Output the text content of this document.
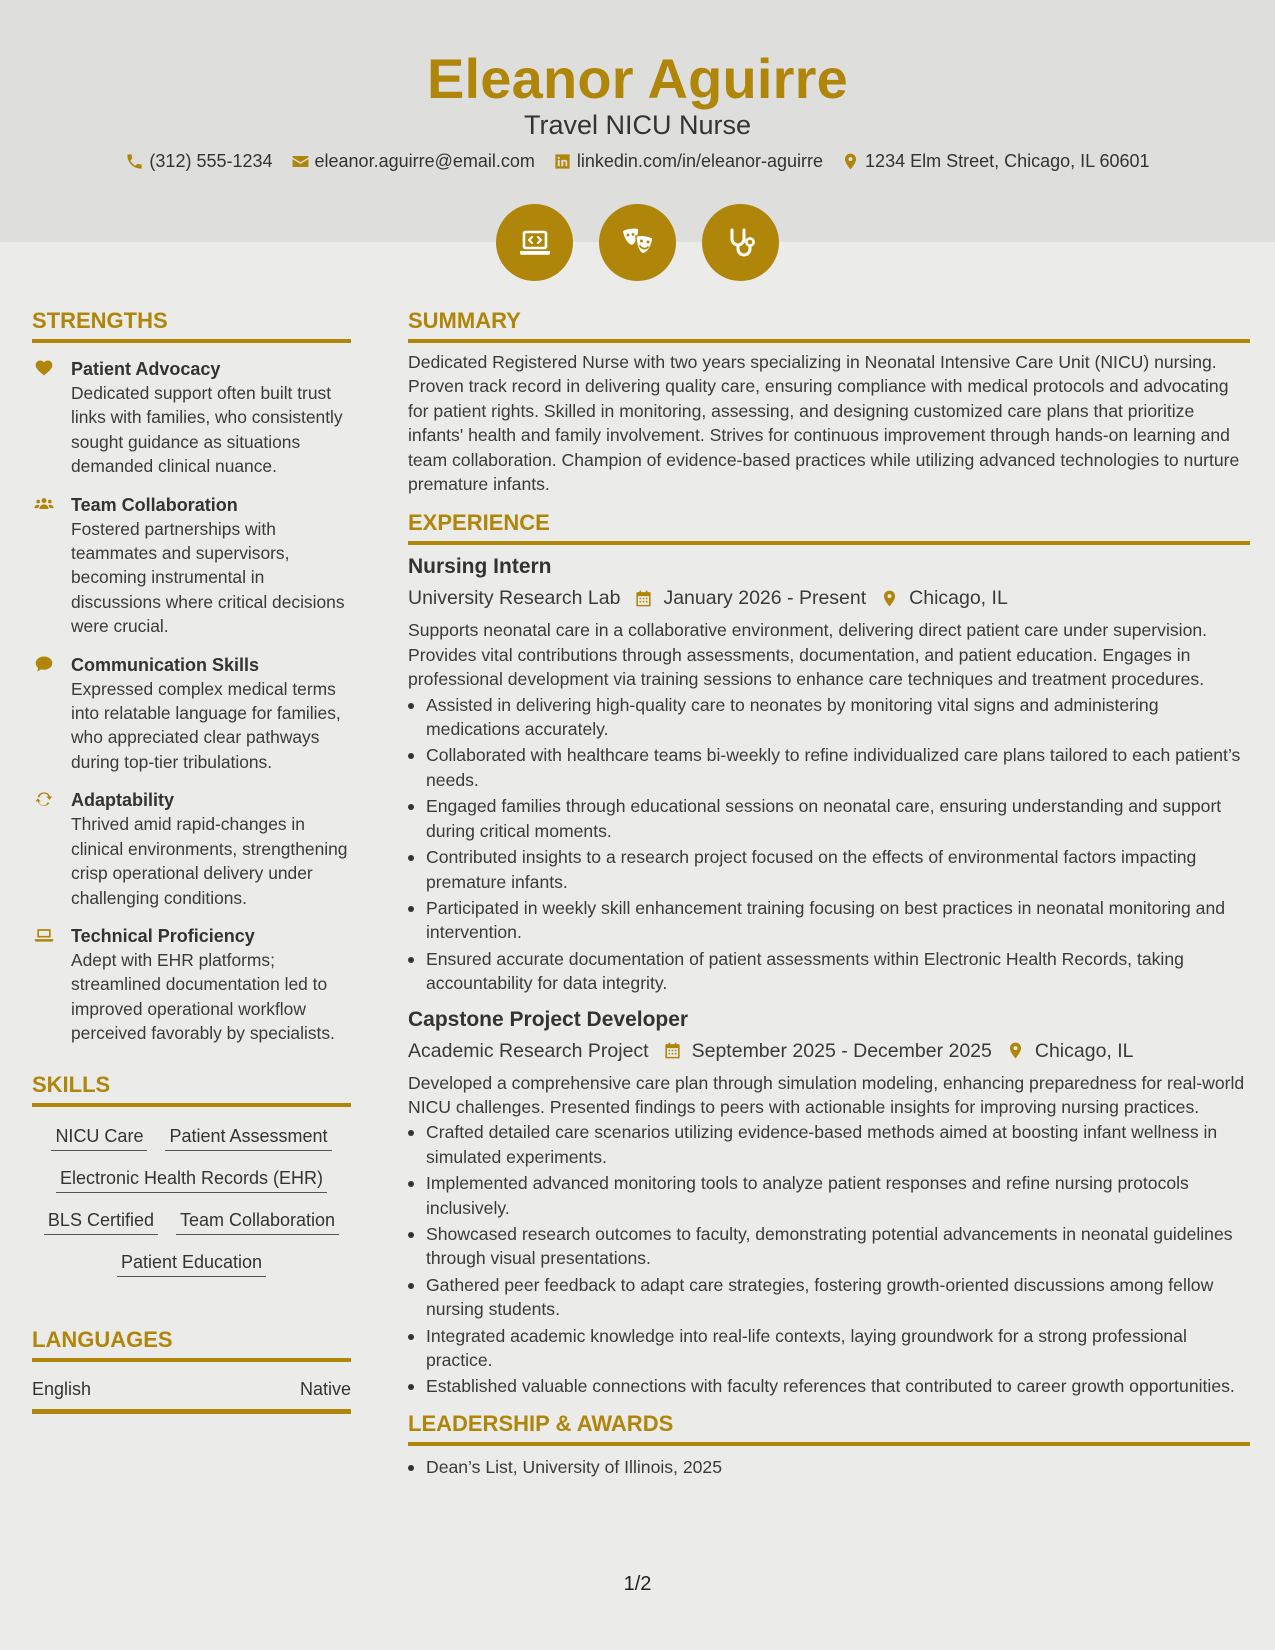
Eleanor Aguirre
Travel NICU Nurse
(312) 555-1234 eleanor.aguirre@email.com linkedin.com/in/eleanor-aguirre 1234 Elm Street, Chicago, IL 60601
STRENGTHS
Patient Advocacy
Dedicated support often built trust links with families, who consistently sought guidance as situations demanded clinical nuance.
Team Collaboration
Fostered partnerships with teammates and supervisors, becoming instrumental in discussions where critical decisions were crucial.
Communication Skills
Expressed complex medical terms into relatable language for families, who appreciated clear pathways during top-tier tribulations.
Adaptability
Thrived amid rapid-changes in clinical environments, strengthening crisp operational delivery under challenging conditions.
Technical Proficiency
Adept with EHR platforms; streamlined documentation led to improved operational workflow perceived favorably by specialists.
SKILLS
NICU Care Patient Assessment
Electronic Health Records (EHR)
BLS Certified Team Collaboration
Patient Education
LANGUAGES
English	Native
SUMMARY

Dedicated Registered Nurse with two years specializing in Neonatal Intensive Care Unit (NICU) nursing. Proven track record in delivering quality care, ensuring compliance with medical protocols and advocating for patient rights. Skilled in monitoring, assessing, and designing customized care plans that prioritize infants' health and family involvement. Strives for continuous improvement through hands-on learning and team collaboration. Champion of evidence-based practices while utilizing advanced technologies to nurture premature infants.

EXPERIENCE
Nursing Intern
University Research Lab January 2026 - Present Chicago, IL

Supports neonatal care in a collaborative environment, delivering direct patient care under supervision. Provides vital contributions through assessments, documentation, and patient education. Engages in professional development via training sessions to enhance care techniques and treatment procedures.

Assisted in delivering high-quality care to neonates by monitoring vital signs and administering medications accurately.
Collaborated with healthcare teams bi-weekly to refine individualized care plans tailored to each patient’s needs.
Engaged families through educational sessions on neonatal care, ensuring understanding and support during critical moments.
Contributed insights to a research project focused on the effects of environmental factors impacting premature infants.
Participated in weekly skill enhancement training focusing on best practices in neonatal monitoring and intervention.
Ensured accurate documentation of patient assessments within Electronic Health Records, taking accountability for data integrity.
Capstone Project Developer
Academic Research Project September 2025 - December 2025 Chicago, IL

Developed a comprehensive care plan through simulation modeling, enhancing preparedness for real-world NICU challenges. Presented findings to peers with actionable insights for improving nursing practices.

Crafted detailed care scenarios utilizing evidence-based methods aimed at boosting infant wellness in simulated experiments.
Implemented advanced monitoring tools to analyze patient responses and refine nursing protocols inclusively.
Showcased research outcomes to faculty, demonstrating potential advancements in neonatal guidelines through visual presentations.
Gathered peer feedback to adapt care strategies, fostering growth-oriented discussions among fellow nursing students.
Integrated academic knowledge into real-life contexts, laying groundwork for a strong professional practice.
Established valuable connections with faculty references that contributed to career growth opportunities.
LEADERSHIP & AWARDS
Dean’s List, University of Illinois, 2025
1/2
